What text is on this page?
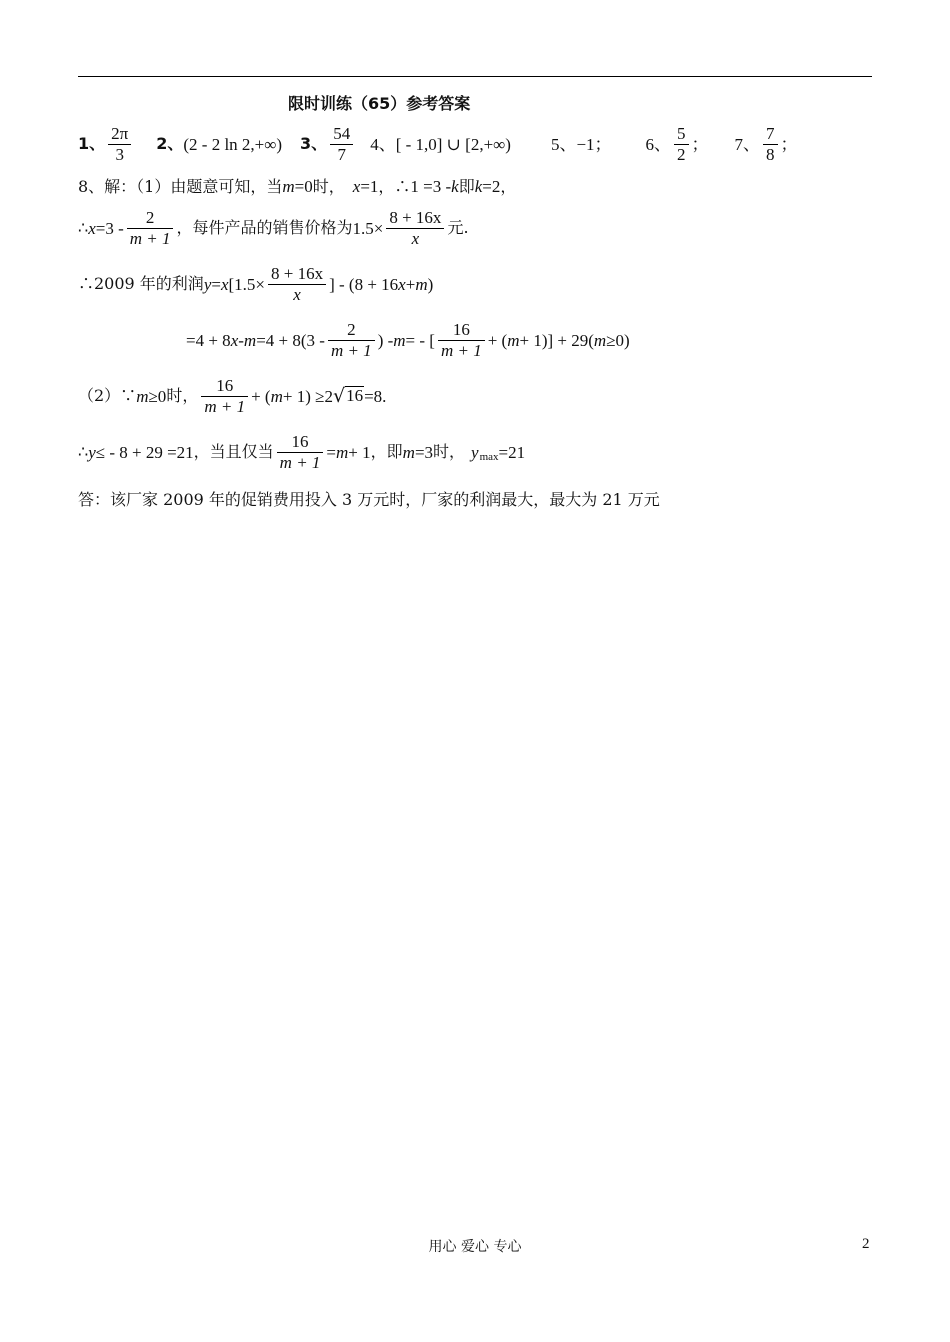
限时训练（65）参考答案
1、 $\frac{2\pi}{3} 2$、 (2 - 2 ln 2,+∞) 3、 $\frac{54}{7} 4$、 [ - 1,0] ∪ [2,+∞) 5、 −1； 6、 $\frac{5}{2}$ ； 7、 $\frac{7}{8}$ ；
8、解：（1）由题意可知，当 m =0 时， x =1 ，∴ 1 =3 - k 即 k =2 ，
∴ $x =3 - \frac{2}{m + 1}$ ，每件产品的销售价格为 $1.5\times \frac{8 + 16x}{x}$ 元.
∴2009 年的利润 y = x [$1.5\times \frac{8 + 16x}{x}$ ] - (8 + 16 x + m )
=4 + 8 $x - m =4 + 8(3 - \frac{2}{m + 1}$ ) - m = - [ $\frac{16}{m + 1}$ + ( m + 1)] + 29( m ≥0)
（2）∵ m ≥0 时， $\frac{16}{m + 1}$ + ( m + 1) ≥2 √ 16 =8 .
∴ y ≤ - 8 + 29 =21 ，当且仅当 $\frac{16}{m + 1} = m + 1$ ，即 m =3 时， y max =21
答：该厂家 2009 年的促销费用投入 3 万元时，厂家的利润最大，最大为 21 万元
用心 爱心 专心	2
